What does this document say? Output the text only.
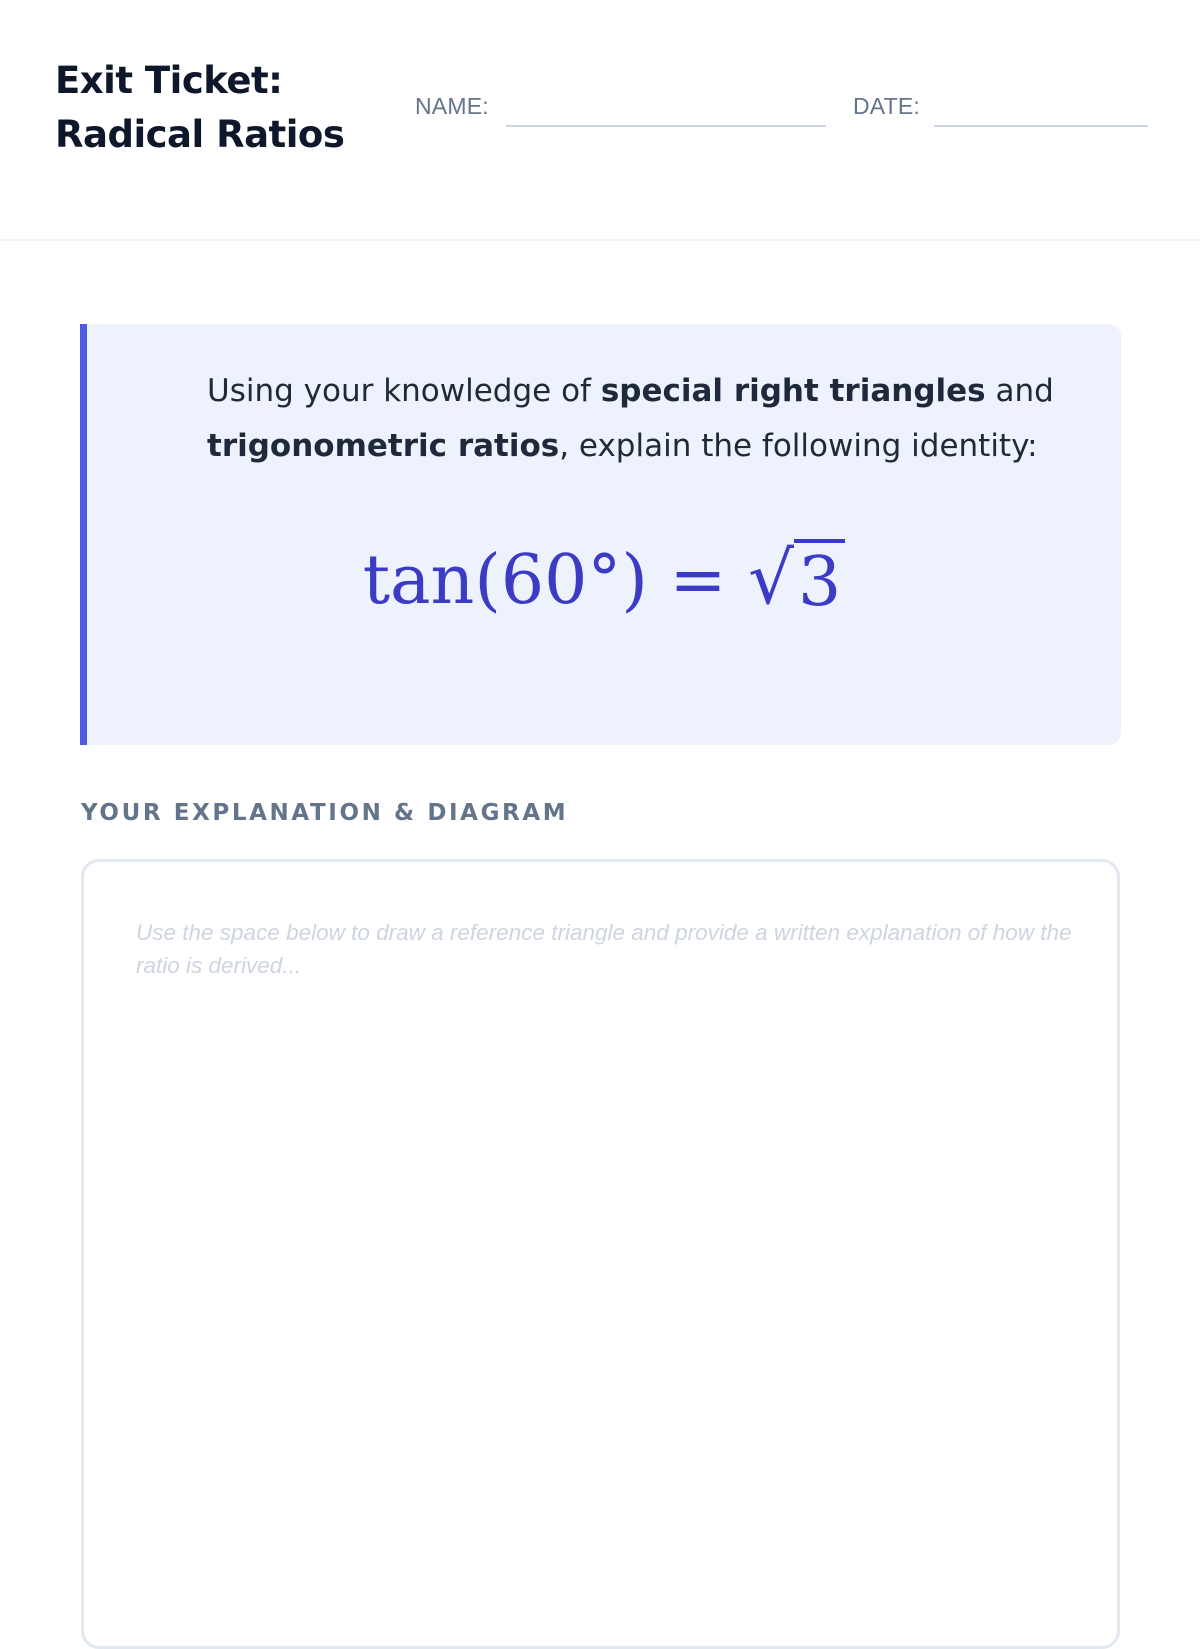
Exit Ticket:
Radical Ratios
NAME:	DATE:
Using your knowledge of special right triangles and trigonometric ratios, explain the following identity:
tan(60°) = √3
YOUR EXPLANATION & DIAGRAM
Use the space below to draw a reference triangle and provide a written explanation of how the ratio is derived...
